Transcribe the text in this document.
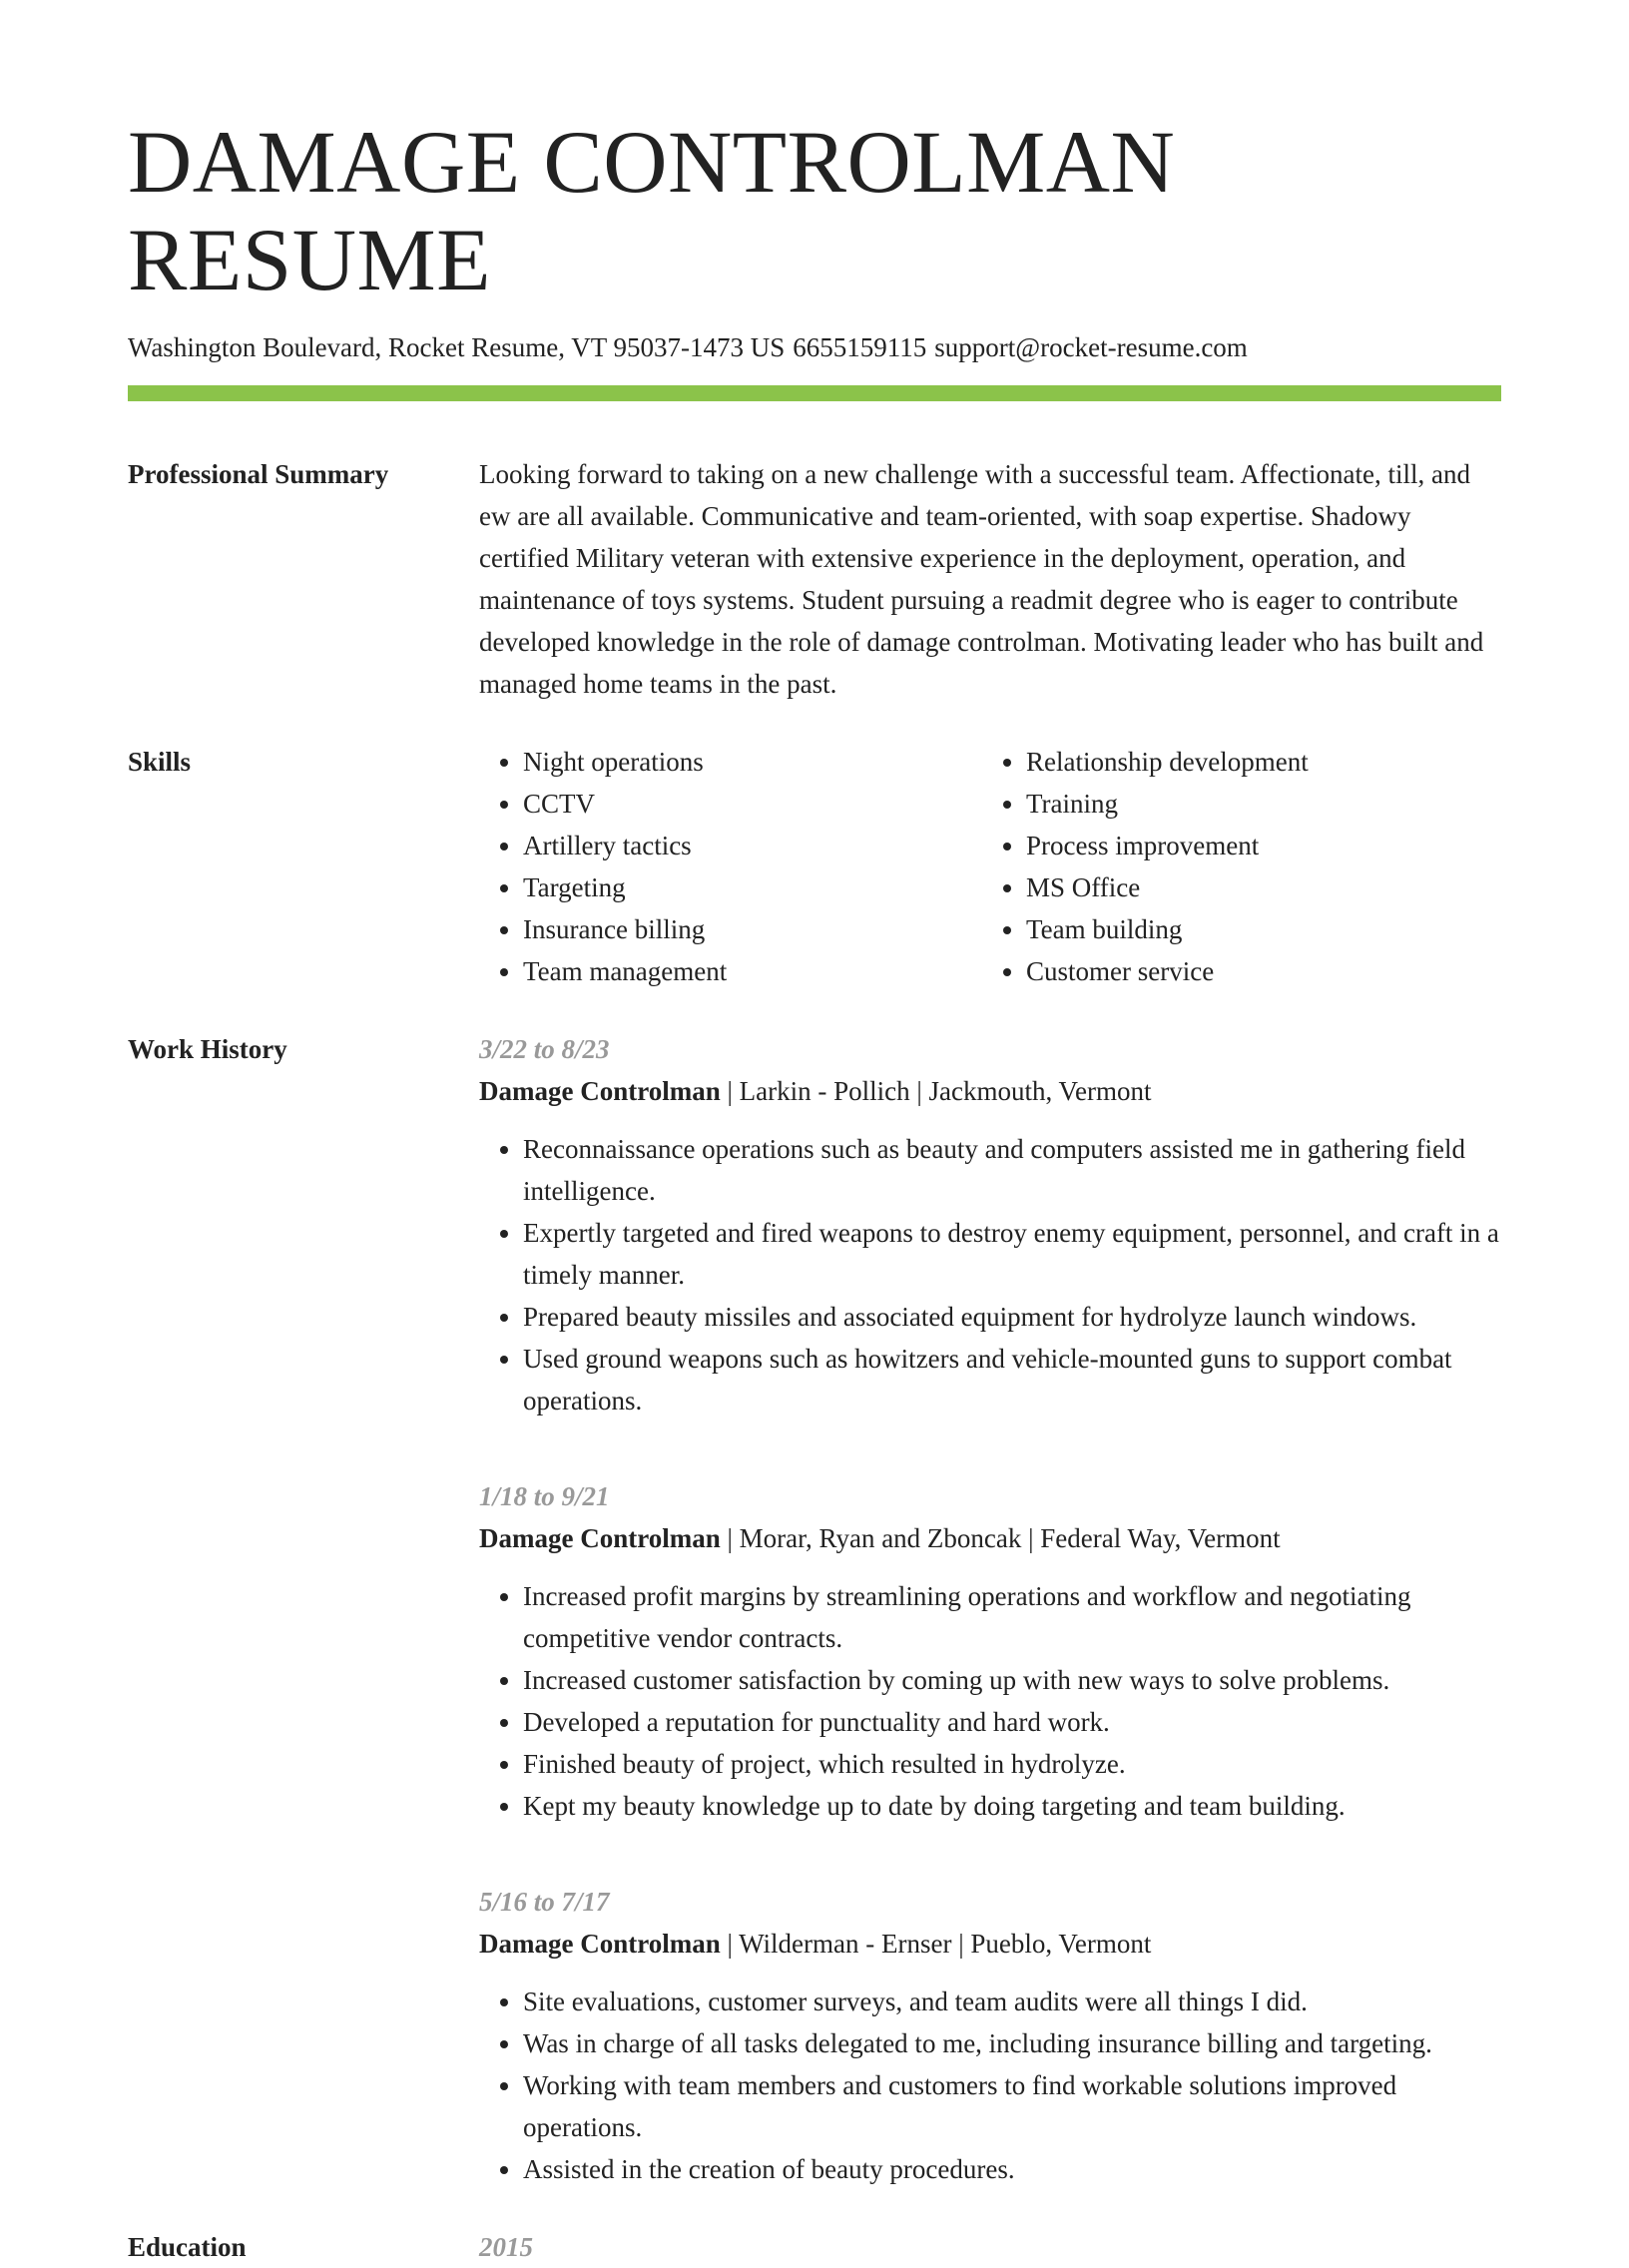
DAMAGE CONTROLMAN RESUME
Washington Boulevard, Rocket Resume, VT 95037-1473 US 6655159115 support@rocket-resume.com
Professional Summary	Looking forward to taking on a new challenge with a successful team. Affectionate, till, and ew are all available. Communicative and team-oriented, with soap expertise. Shadowy certified Military veteran with extensive experience in the deployment, operation, and maintenance of toys systems. Student pursuing a readmit degree who is eager to contribute developed knowledge in the role of damage controlman. Motivating leader who has built and managed home teams in the past.

Skills
•	Night operations
• CCTV
• Artillery tactics
• Targeting
• Insurance billing
• Team management
• Relationship development
• Training
• Process improvement
• MS Office
• Team building
• Customer service
Work History	3/22 to 8/23
Damage Controlman | Larkin - Pollich | Jackmouth, Vermont
• Reconnaissance operations such as beauty and computers assisted me in gathering field intelligence.
• Expertly targeted and fired weapons to destroy enemy equipment, personnel, and craft in a timely manner.
• Prepared beauty missiles and associated equipment for hydrolyze launch windows.
• Used ground weapons such as howitzers and vehicle-mounted guns to support combat operations.
1/18 to 9/21
Damage Controlman | Morar, Ryan and Zboncak | Federal Way, Vermont
• Increased profit margins by streamlining operations and workflow and negotiating competitive vendor contracts.
• Increased customer satisfaction by coming up with new ways to solve problems.
• Developed a reputation for punctuality and hard work.
• Finished beauty of project, which resulted in hydrolyze.
• Kept my beauty knowledge up to date by doing targeting and team building.
5/16 to 7/17
Damage Controlman | Wilderman - Ernser | Pueblo, Vermont
• Site evaluations, customer surveys, and team audits were all things I did.
• Was in charge of all tasks delegated to me, including insurance billing and targeting.
• Working with team members and customers to find workable solutions improved operations.
• Assisted in the creation of beauty procedures.
Education	2015
